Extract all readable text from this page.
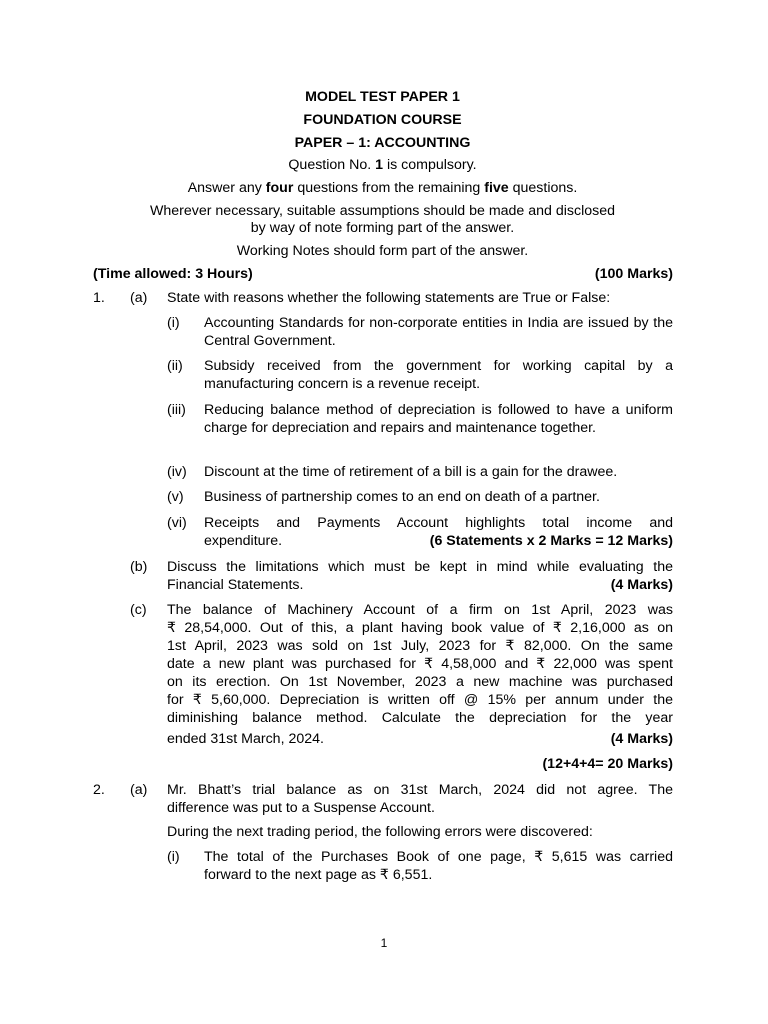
MODEL TEST PAPER 1
FOUNDATION COURSE
PAPER – 1: ACCOUNTING
Question No. 1 is compulsory.
Answer any four questions from the remaining five questions.
Wherever necessary, suitable assumptions should be made and disclosed
by way of note forming part of the answer.
Working Notes should form part of the answer.
(Time allowed: 3 Hours)	(100 Marks)
1. (a) State with reasons whether the following statements are True or False:
(i) Accounting Standards for non-corporate entities in India are issued by the Central Government.
(ii) Subsidy received from the government for working capital by a manufacturing concern is a revenue receipt.
(iii) Reducing balance method of depreciation is followed to have a uniform charge for depreciation and repairs and maintenance together.
(iv) Discount at the time of retirement of a bill is a gain for the drawee.
(v) Business of partnership comes to an end on death of a partner.
(vi) Receipts and Payments Account highlights total income and
expenditure.	(6 Statements x 2 Marks = 12 Marks)
(b) Discuss the limitations which must be kept in mind while evaluating the
Financial Statements.	(4 Marks)
(c) The balance of Machinery Account of a firm on 1st April, 2023 was
₹ 28,54,000. Out of this, a plant having book value of ₹ 2,16,000 as on
1st April, 2023 was sold on 1st July, 2023 for ₹ 82,000. On the same
date a new plant was purchased for ₹ 4,58,000 and ₹ 22,000 was spent
on its erection. On 1st November, 2023 a new machine was purchased
for ₹ 5,60,000. Depreciation is written off @ 15% per annum under the
diminishing balance method. Calculate the depreciation for the year
ended 31st March, 2024.	(4 Marks)
(12+4+4= 20 Marks)
2. (a) Mr. Bhatt’s trial balance as on 31st March, 2024 did not agree. The
difference was put to a Suspense Account.
During the next trading period, the following errors were discovered:
(i) The total of the Purchases Book of one page, ₹ 5,615 was carried
forward to the next page as ₹ 6,551.
1
